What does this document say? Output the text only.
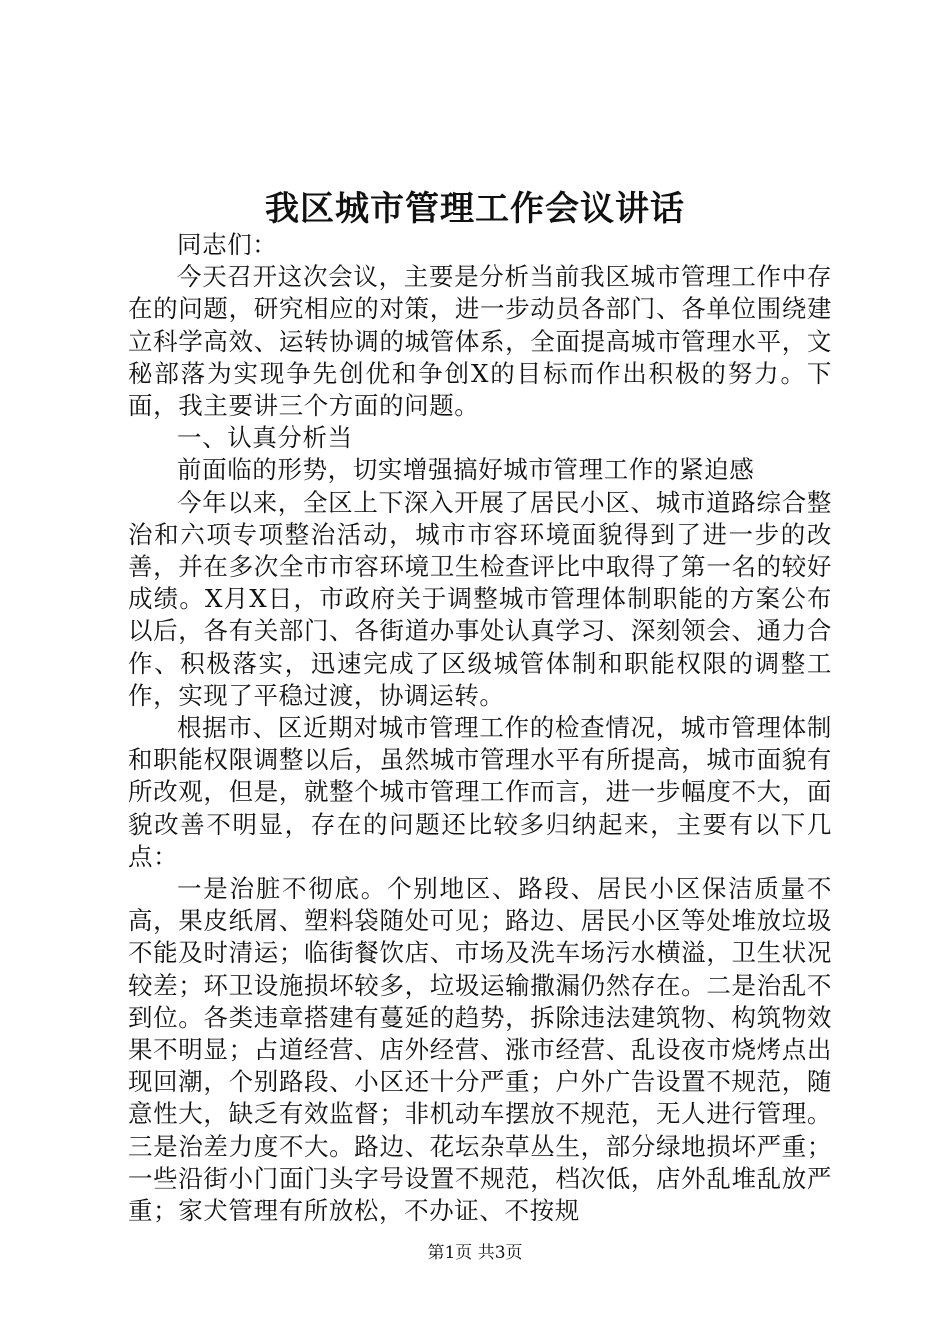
我区城市管理工作会议讲话

同志们：

今天召开这次会议，主要是分析当前我区城市管理工作中存在的问题，研究相应的对策，进一步动员各部门、各单位围绕建立科学高效、运转协调的城管体系，全面提高城市管理水平，文秘部落为实现争先创优和争创X的目标而作出积极的努力。下面，我主要讲三个方面的问题。

一、认真分析当

前面临的形势，切实增强搞好城市管理工作的紧迫感

今年以来，全区上下深入开展了居民小区、城市道路综合整治和六项专项整治活动，城市市容环境面貌得到了进一步的改善，并在多次全市市容环境卫生检查评比中取得了第一名的较好成绩。X月X日，市政府关于调整城市管理体制职能的方案公布以后，各有关部门、各街道办事处认真学习、深刻领会、通力合作、积极落实，迅速完成了区级城管体制和职能权限的调整工作，实现了平稳过渡，协调运转。

根据市、区近期对城市管理工作的检查情况，城市管理体制和职能权限调整以后，虽然城市管理水平有所提高，城市面貌有所改观，但是，就整个城市管理工作而言，进一步幅度不大，面貌改善不明显，存在的问题还比较多归纳起来，主要有以下几点：

一是治脏不彻底。个别地区、路段、居民小区保洁质量不高，果皮纸屑、塑料袋随处可见；路边、居民小区等处堆放垃圾不能及时清运；临街餐饮店、市场及洗车场污水横溢，卫生状况较差；环卫设施损坏较多，垃圾运输撒漏仍然存在。二是治乱不到位。各类违章搭建有蔓延的趋势，拆除违法建筑物、构筑物效果不明显；占道经营、店外经营、涨市经营、乱设夜市烧烤点出现回潮，个别路段、小区还十分严重；户外广告设置不规范，随意性大，缺乏有效监督；非机动车摆放不规范，无人进行管理。三是治差力度不大。路边、花坛杂草丛生，部分绿地损坏严重；一些沿街小门面门头字号设置不规范，档次低，店外乱堆乱放严重；家犬管理有所放松，不办证、不按规

第1页 共3页
